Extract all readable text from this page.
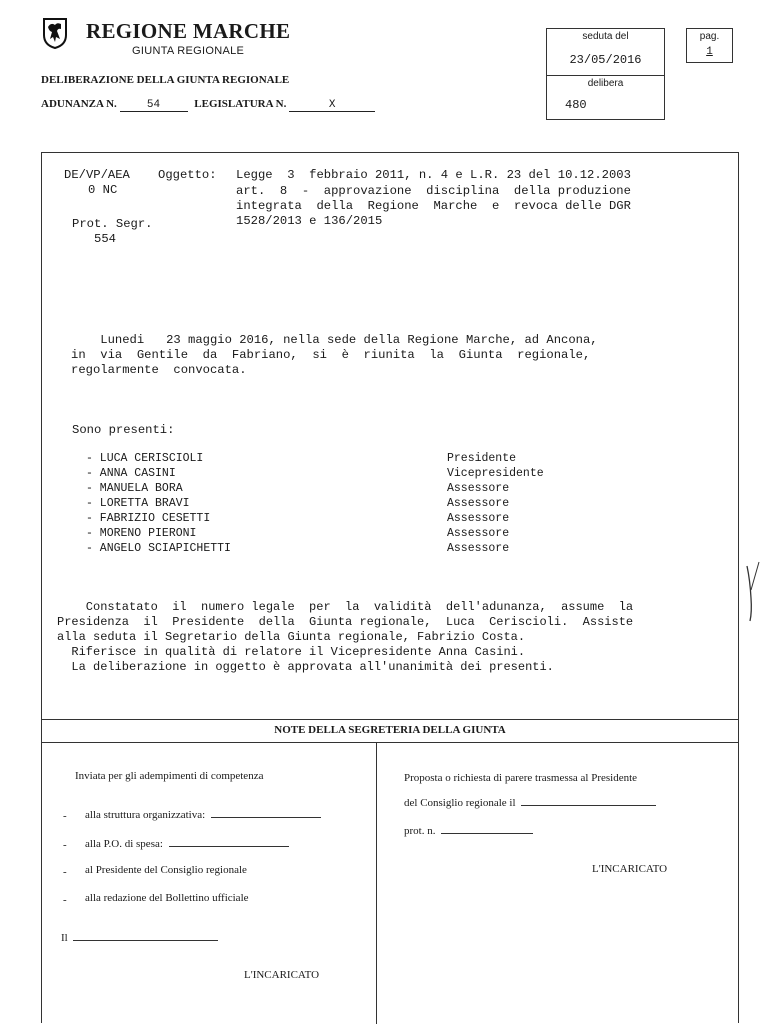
REGIONE MARCHE
GIUNTA REGIONALE
DELIBERAZIONE DELLA GIUNTA REGIONALE
ADUNANZA N.	54	LEGISLATURA N.	X
seduta del
23/05/2016
delibera
480
pag.
1
DE/VP/AEA
0 NC
Prot. Segr.
554
Oggetto: Legge  3  febbraio 2011, n. 4 e L.R. 23 del 10.12.2003
art.  8  -  approvazione  disciplina  della produzione
integrata  della  Regione  Marche  e  revoca delle DGR
1528/2013 e 136/2015
Lunedi   23 maggio 2016, nella sede della Regione Marche, ad Ancona,
in  via  Gentile  da  Fabriano,  si  è  riunita  la  Giunta  regionale,
regolarmente  convocata.
Sono presenti:
- LUCA CERISCIOLI	Presidente
- ANNA CASINI	Vicepresidente
- MANUELA BORA	Assessore
- LORETTA BRAVI	Assessore
- FABRIZIO CESETTI	Assessore
- MORENO PIERONI	Assessore
- ANGELO SCIAPICHETTI	Assessore
Constatato  il  numero legale  per  la  validità  dell'adunanza,  assume  la
Presidenza  il  Presidente  della  Giunta regionale,  Luca  Ceriscioli.  Assiste
alla seduta il Segretario della Giunta regionale, Fabrizio Costa.
Riferisce in qualità di relatore il Vicepresidente Anna Casini.
La deliberazione in oggetto è approvata all'unanimità dei presenti.
NOTE DELLA SEGRETERIA DELLA GIUNTA
Inviata per gli adempimenti di competenza
- alla struttura organizzativa:
- alla P.O. di spesa:
- al Presidente del Consiglio regionale
- alla redazione del Bollettino ufficiale
Il
L'INCARICATO
Proposta o richiesta di parere trasmessa al Presidente
del Consiglio regionale il
prot. n.
L'INCARICATO
